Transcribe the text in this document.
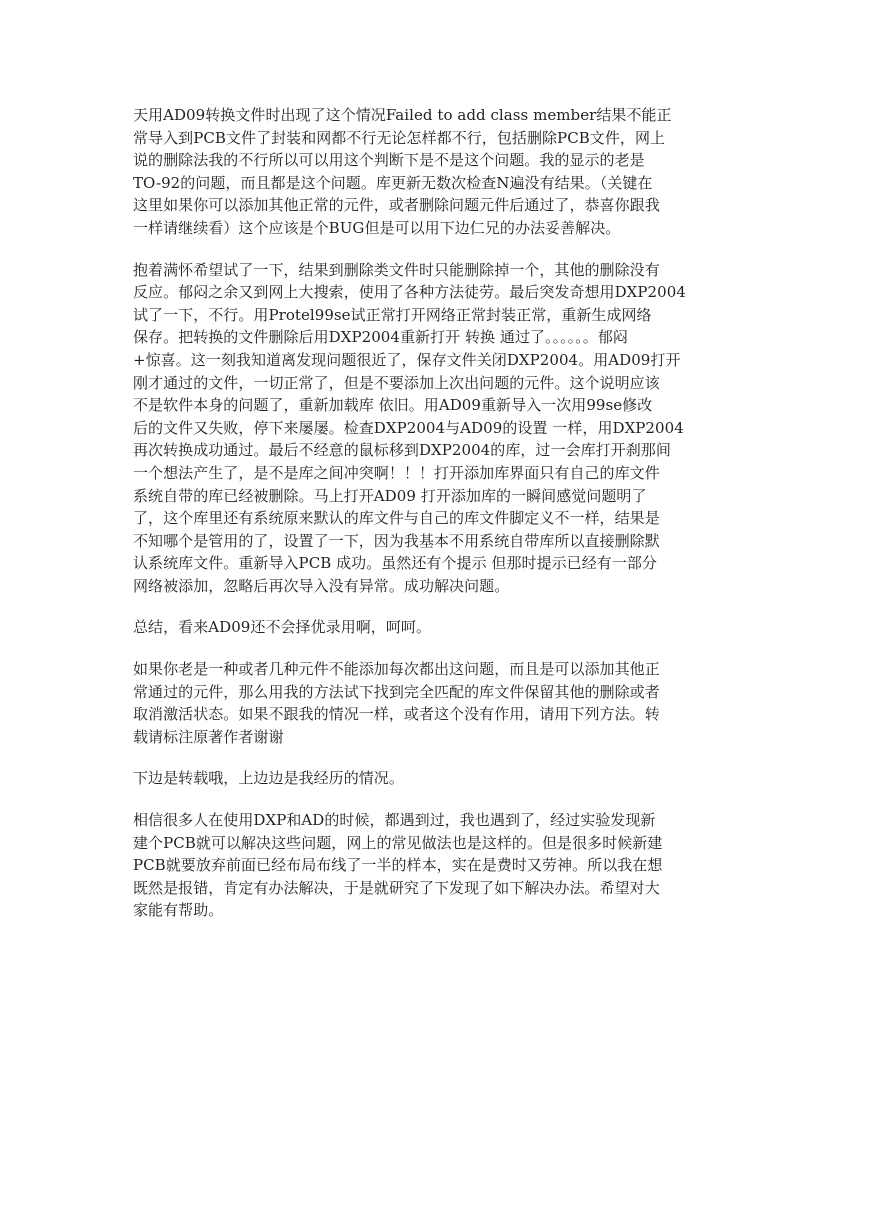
天用AD09转换文件时出现了这个情况Failed to add class member结果不能正
常导入到PCB文件了封装和网都不行无论怎样都不行，包括删除PCB文件，网上
说的删除法我的不行所以可以用这个判断下是不是这个问题。我的显示的老是
TO-92的问题，而且都是这个问题。库更新无数次检查N遍没有结果。（关键在
这里如果你可以添加其他正常的元件，或者删除问题元件后通过了，恭喜你跟我
一样请继续看）这个应该是个BUG但是可以用下边仁兄的办法妥善解决。

抱着满怀希望试了一下，结果到删除类文件时只能删除掉一个，其他的删除没有
反应。郁闷之余又到网上大搜索，使用了各种方法徒劳。最后突发奇想用DXP2004
试了一下，不行。用Protel99se试正常打开网络正常封装正常，重新生成网络
保存。把转换的文件删除后用DXP2004重新打开 转换 通过了。。。。。。郁闷
+惊喜。这一刻我知道离发现问题很近了，保存文件关闭DXP2004。用AD09打开
刚才通过的文件，一切正常了，但是不要添加上次出问题的元件。这个说明应该
不是软件本身的问题了，重新加载库 依旧。用AD09重新导入一次用99se修改
后的文件又失败，停下来屡屡。检查DXP2004与AD09的设置 一样，用DXP2004
再次转换成功通过。最后不经意的鼠标移到DXP2004的库，过一会库打开刹那间
一个想法产生了，是不是库之间冲突啊！！！打开添加库界面只有自己的库文件
系统自带的库已经被删除。马上打开AD09 打开添加库的一瞬间感觉问题明了
了，这个库里还有系统原来默认的库文件与自己的库文件脚定义不一样，结果是
不知哪个是管用的了，设置了一下，因为我基本不用系统自带库所以直接删除默
认系统库文件。重新导入PCB 成功。虽然还有个提示 但那时提示已经有一部分
网络被添加，忽略后再次导入没有异常。成功解决问题。

总结，看来AD09还不会择优录用啊，呵呵。

如果你老是一种或者几种元件不能添加每次都出这问题，而且是可以添加其他正
常通过的元件，那么用我的方法试下找到完全匹配的库文件保留其他的删除或者
取消激活状态。如果不跟我的情况一样，或者这个没有作用，请用下列方法。转
载请标注原著作者谢谢

下边是转载哦，上边边是我经历的情况。

相信很多人在使用DXP和AD的时候，都遇到过，我也遇到了，经过实验发现新
建个PCB就可以解决这些问题，网上的常见做法也是这样的。但是很多时候新建
PCB就要放弃前面已经布局布线了一半的样本，实在是费时又劳神。所以我在想
既然是报错，肯定有办法解决，于是就研究了下发现了如下解决办法。希望对大
家能有帮助。
